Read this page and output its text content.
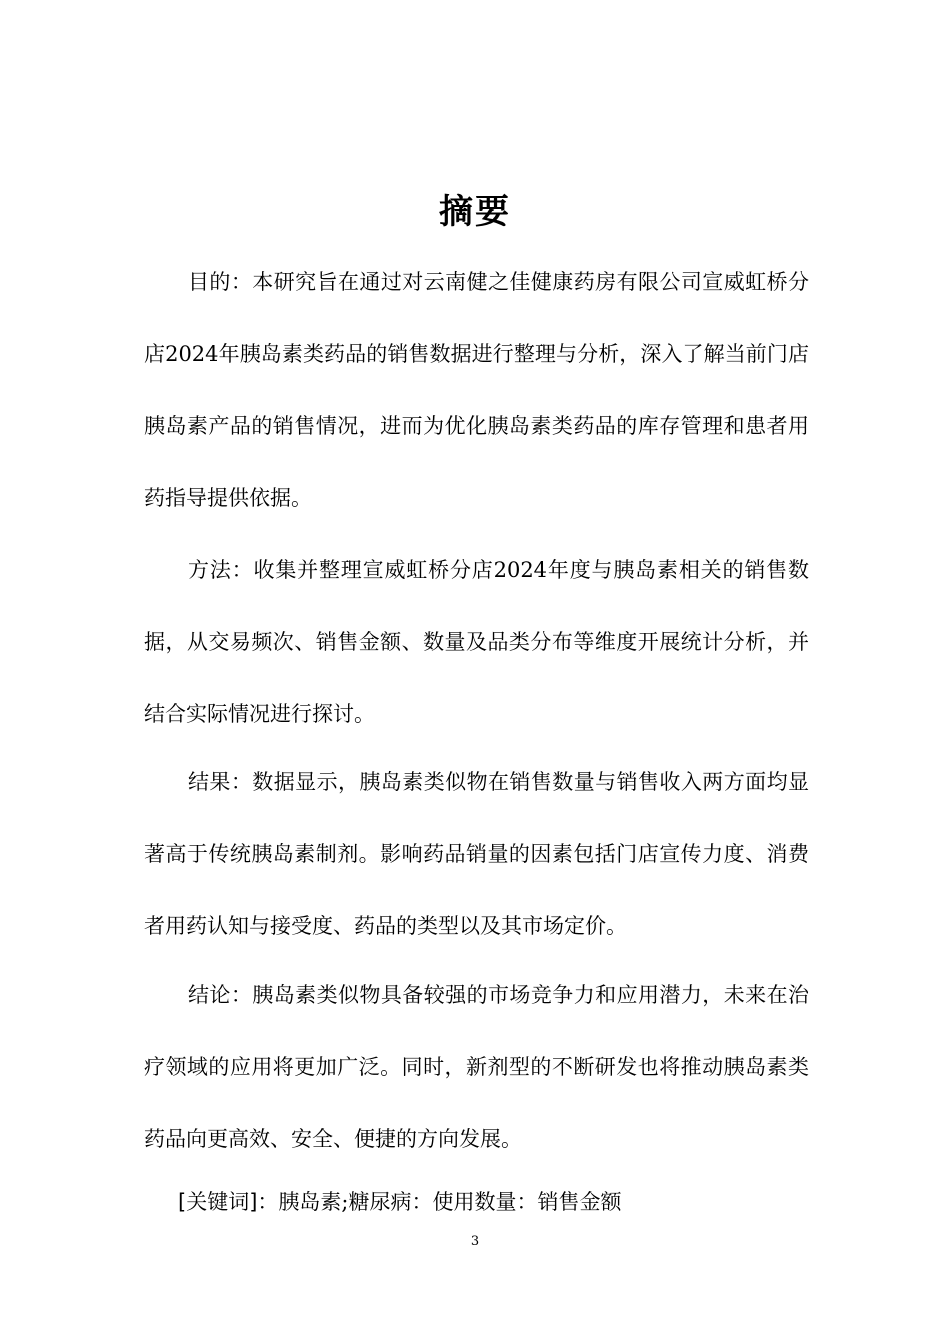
摘要

目的：本研究旨在通过对云南健之佳健康药房有限公司宣威虹桥分店2024年胰岛素类药品的销售数据进行整理与分析，深入了解当前门店胰岛素产品的销售情况，进而为优化胰岛素类药品的库存管理和患者用药指导提供依据。

方法：收集并整理宣威虹桥分店2024年度与胰岛素相关的销售数据，从交易频次、销售金额、数量及品类分布等维度开展统计分析，并结合实际情况进行探讨。

结果：数据显示，胰岛素类似物在销售数量与销售收入两方面均显著高于传统胰岛素制剂。影响药品销量的因素包括门店宣传力度、消费者用药认知与接受度、药品的类型以及其市场定价。

结论：胰岛素类似物具备较强的市场竞争力和应用潜力，未来在治疗领域的应用将更加广泛。同时，新剂型的不断研发也将推动胰岛素类药品向更高效、安全、便捷的方向发展。

[关键词]：胰岛素;糖尿病：使用数量：销售金额
3
